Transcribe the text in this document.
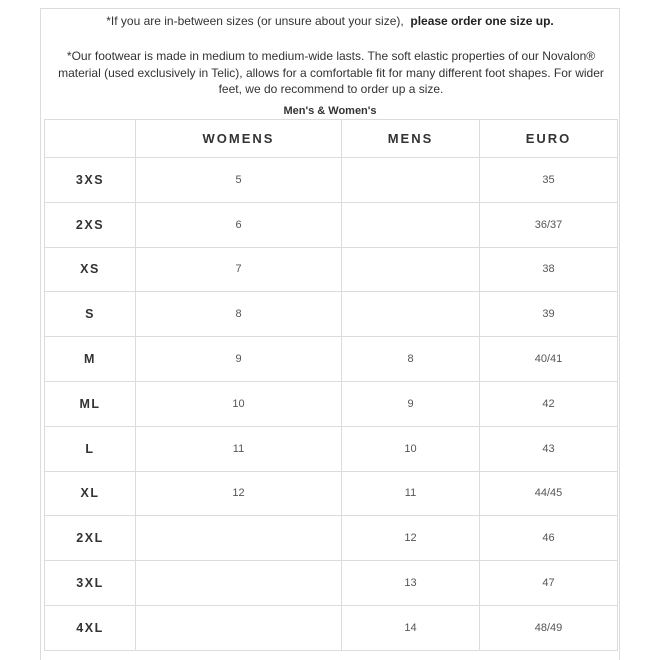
*If you are in-between sizes (or unsure about your size), please order one size up.
*Our footwear is made in medium to medium-wide lasts. The soft elastic properties of our Novalon® material (used exclusively in Telic), allows for a comfortable fit for many different foot shapes. For wider feet, we do recommend to order up a size.
Men's & Women's
	WOMENS	MENS	EURO
3XS	5		35
2XS	6		36/37
XS	7		38
S	8		39
M	9	8	40/41
ML	10	9	42
L	11	10	43
XL	12	11	44/45
2XL		12	46
3XL		13	47
4XL		14	48/49
